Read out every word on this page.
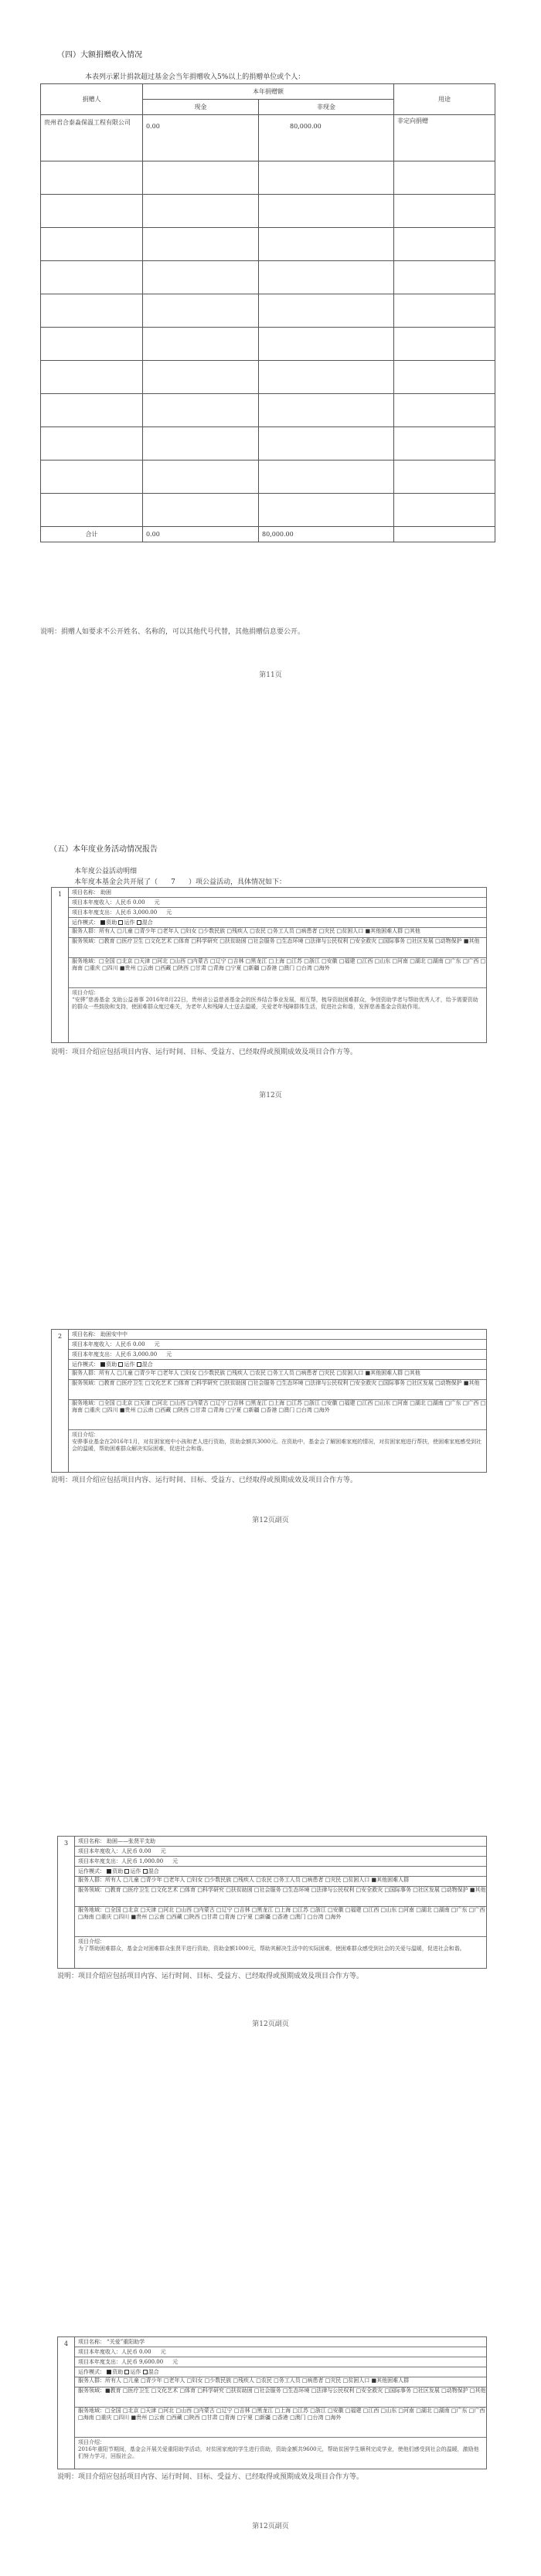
（四）大额捐赠收入情况
本表列示累计捐款超过基金会当年捐赠收入5%以上的捐赠单位或个人：
捐赠人	本年捐赠额		用途
	现金	非现金	
贵州君合泰淼保温工程有限公司	0.00	80,000.00	非定向捐赠

合计	0.00	80,000.00	
说明：捐赠人如要求不公开姓名、名称的，可以其他代号代替，其他捐赠信息要公开。
第11页
（五）本年度业务活动情况报告
本年度公益活动明细
本年度本基金会共开展了（ 7 ）项公益活动，具体情况如下：
1	项目名称： 助困
项目本年度收入：人民币 0.00 元
项目本年度支出：人民币 3,000.00 元
运作模式： 资助 运作 混合
服务人群：所有人 □儿童 □青少年 □老年人 □妇女 □少数民族 □残疾人 □农民 □务工人员 □病患者 □灾民 □贫困人口 ■其他困难人群 □其他
服务领域：□教育 □医疗卫生 □文化艺术 □体育 □科学研究 □扶贫助困 □社会服务 □生态环境 □法律与公民权利 □安全救灾 □国际事务 □社区发展 □动物保护 ■其他
服务地域：□全国 □北京 □天津 □河北 □山西 □内蒙古 □辽宁 □吉林 □黑龙江 □上海 □江苏 □浙江 □安徽 □福建 □江西 □山东 □河南 □湖北 □湖南 □广东 □广西 □海南 □重庆 □四川 ■贵州 □云南 □西藏 □陕西 □甘肃 □青海 □宁夏 □新疆 □香港 □澳门 □台湾 □海外
项目介绍：
“安骅”慈善基金 支助公益善事 2016年8月22日，贵州省公益慈善基金会的医养结合事业发展，相互帮，梳导资助困难群众，争创资助学者与帮助优秀人才，给予需要资助的群众一些鼓励和支持，使困难群众度过难关，为老年人和残障人士送去温暖，关爱老年残障群体生活，促进社会和谐，发挥慈善基金会资助作用。
2	项目名称： 助困安中中
项目本年度收入：人民币 0.00 元
项目本年度支出：人民币 3,000.00 元
运作模式： 资助 运作 混合
服务人群：所有人 □儿童 □青少年 □老年人 □妇女 □少数民族 □残疾人 □农民 □务工人员 □病患者 □灾民 □贫困人口 ■其他困难人群 □其他
服务领域：□教育 □医疗卫生 □文化艺术 □体育 □科学研究 □扶贫助困 □社会服务 □生态环境 □法律与公民权利 □安全救灾 □国际事务 □社区发展 □动物保护 ■其他
服务地域：□全国 □北京 □天津 □河北 □山西 □内蒙古 □辽宁 □吉林 □黑龙江 □上海 □江苏 □浙江 □安徽 □福建 □江西 □山东 □河南 □湖北 □湖南 □广东 □广西 □海南 □重庆 □四川 ■贵州 □云南 □西藏 □陕西 □甘肃 □青海 □宁夏 □新疆 □香港 □澳门 □台湾 □海外
项目介绍：
安骅事业基金在2016年1月，对贫困家庭中小孩和老人进行资助，资助金额共3000元。在资助中，基金会了解困难家庭的情况，对贫困家庭进行帮扶，使困难家庭感受到社会的温暖，帮助困难群众解决实际困难，促进社会和谐。
3	项目名称： 助困——张贤平支助
项目本年度收入：人民币 0.00 元
项目本年度支出：人民币 1,000.00 元
运作模式： 资助 运作 混合
服务人群：所有人 □儿童 □青少年 □老年人 □妇女 □少数民族 □残疾人 □农民 □务工人员 □病患者 □灾民 □贫困人口 ■其他困难人群
服务领域：□教育 □医疗卫生 □文化艺术 □体育 □科学研究 □扶贫助困 □社会服务 □生态环境 □法律与公民权利 □安全救灾 □国际事务 □社区发展 □动物保护 ■其他
服务地域：□全国 □北京 □天津 □河北 □山西 □内蒙古 □辽宁 □吉林 □黑龙江 □上海 □江苏 □浙江 □安徽 □福建 □江西 □山东 □河南 □湖北 □湖南 □广东 □广西 □海南 □重庆 □四川 ■贵州 □云南 □西藏 □陕西 □甘肃 □青海 □宁夏 □新疆 □香港 □澳门 □台湾 □海外
项目介绍：
为了帮助困难群众，基金会对困难群众张贤平进行资助，资助金额1000元，帮助其解决生活中的实际困难，使困难群众感受到社会的关爱与温暖，促进社会和谐。
4	项目名称： “关爱”重阳助学
项目本年度收入：人民币 0.00 元
项目本年度支出：人民币 9,600.00 元
运作模式： 资助 运作 混合
服务人群：所有人 □儿童 □青少年 □老年人 □妇女 □少数民族 □残疾人 □农民 □务工人员 □病患者 □灾民 □贫困人口 ■其他困难人群
服务领域：■教育 □医疗卫生 □文化艺术 □体育 □科学研究 □扶贫助困 □社会服务 □生态环境 □法律与公民权利 □安全救灾 □国际事务 □社区发展 □动物保护 □其他
服务地域：□全国 □北京 □天津 □河北 □山西 □内蒙古 □辽宁 □吉林 □黑龙江 □上海 □江苏 □浙江 □安徽 □福建 □江西 □山东 □河南 □湖北 □湖南 □广东 □广西 □海南 □重庆 □四川 ■贵州 □云南 □西藏 □陕西 □甘肃 □青海 □宁夏 □新疆 □香港 □澳门 □台湾 □海外
项目介绍：
2016年重阳节期间，基金会开展关爱重阳助学活动，对贫困家庭的学生进行资助，资助金额共9600元，帮助贫困学生顺利完成学业，使他们感受到社会的温暖，激励他们努力学习，回报社会。
说明：项目介绍应包括项目内容、运行时间、目标、受益方、已经取得或预期成效及项目合作方等。
第12页
说明：项目介绍应包括项目内容、运行时间、目标、受益方、已经取得或预期成效及项目合作方等。
第12页副页
说明：项目介绍应包括项目内容、运行时间、目标、受益方、已经取得或预期成效及项目合作方等。
第12页副页
说明：项目介绍应包括项目内容、运行时间、目标、受益方、已经取得或预期成效及项目合作方等。
第12页副页
